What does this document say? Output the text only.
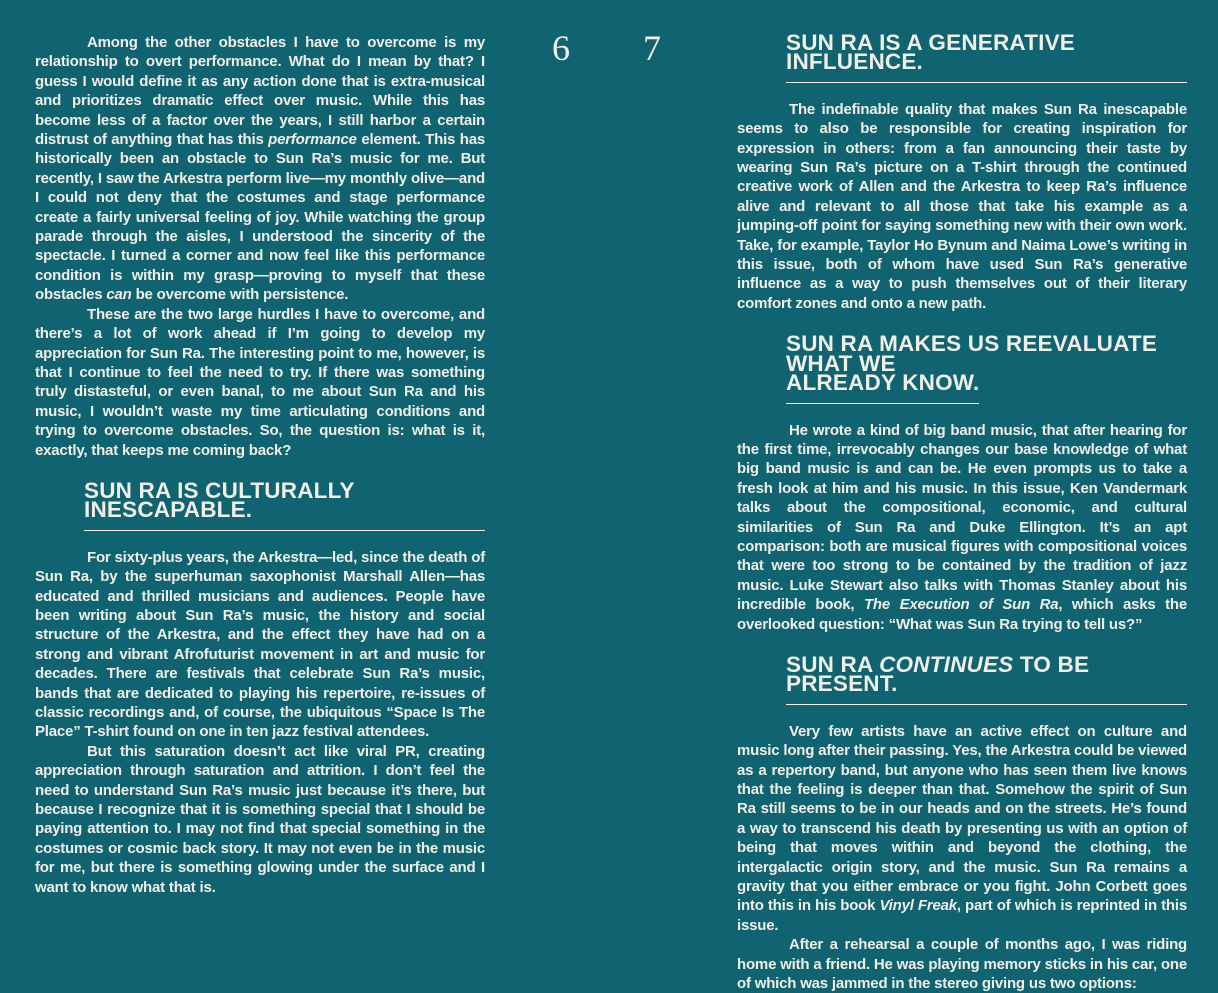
6 7

Among the other obstacles I have to overcome is my relationship to overt performance. What do I mean by that? I guess I would define it as any action done that is extra-musical and prioritizes dramatic effect over music. While this has become less of a factor over the years, I still harbor a certain distrust of anything that has this performance element. This has historically been an obstacle to Sun Ra’s music for me. But recently, I saw the Arkestra perform live—my monthly olive—and I could not deny that the costumes and stage performance create a fairly universal feeling of joy. While watching the group parade through the aisles, I understood the sincerity of the spectacle. I turned a corner and now feel like this performance condition is within my grasp—proving to myself that these obstacles can be overcome with persistence.

These are the two large hurdles I have to overcome, and there’s a lot of work ahead if I’m going to develop my appreciation for Sun Ra. The interesting point to me, however, is that I continue to feel the need to try. If there was something truly distasteful, or even banal, to me about Sun Ra and his music, I wouldn’t waste my time articulating conditions and trying to overcome obstacles. So, the question is: what is it, exactly, that keeps me coming back?

SUN RA IS CULTURALLY INESCAPABLE.

For sixty-plus years, the Arkestra—led, since the death of Sun Ra, by the superhuman saxophonist Marshall Allen—has educated and thrilled musicians and audiences. People have been writing about Sun Ra’s music, the history and social structure of the Arkestra, and the effect they have had on a strong and vibrant Afrofuturist movement in art and music for decades. There are festivals that celebrate Sun Ra’s music, bands that are dedicated to playing his repertoire, re-issues of classic recordings and, of course, the ubiquitous “Space Is The Place” T-shirt found on one in ten jazz festival attendees.

But this saturation doesn’t act like viral PR, creating appreciation through saturation and attrition. I don’t feel the need to understand Sun Ra’s music just because it’s there, but because I recognize that it is something special that I should be paying attention to. I may not find that special something in the costumes or cosmic back story. It may not even be in the music for me, but there is something glowing under the surface and I want to know what that is.

SUN RA IS A GENERATIVE INFLUENCE.

The indefinable quality that makes Sun Ra inescapable seems to also be responsible for creating inspiration for expression in others: from a fan announcing their taste by wearing Sun Ra’s picture on a T-shirt through the continued creative work of Allen and the Arkestra to keep Ra’s influence alive and relevant to all those that take his example as a jumping-off point for saying something new with their own work. Take, for example, Taylor Ho Bynum and Naima Lowe’s writing in this issue, both of whom have used Sun Ra’s generative influence as a way to push themselves out of their literary comfort zones and onto a new path.

SUN RA MAKES US REEVALUATE WHAT WE
ALREADY KNOW.

He wrote a kind of big band music, that after hearing for the first time, irrevocably changes our base knowledge of what big band music is and can be. He even prompts us to take a fresh look at him and his music. In this issue, Ken Vandermark talks about the compositional, economic, and cultural similarities of Sun Ra and Duke Ellington. It’s an apt comparison: both are musical figures with compositional voices that were too strong to be contained by the tradition of jazz music. Luke Stewart also talks with Thomas Stanley about his incredible book, The Execution of Sun Ra, which asks the overlooked question: “What was Sun Ra trying to tell us?”

SUN RA CONTINUES TO BE PRESENT.

Very few artists have an active effect on culture and music long after their passing. Yes, the Arkestra could be viewed as a repertory band, but anyone who has seen them live knows that the feeling is deeper than that. Somehow the spirit of Sun Ra still seems to be in our heads and on the streets. He’s found a way to transcend his death by presenting us with an option of being that moves within and beyond the clothing, the intergalactic origin story, and the music. Sun Ra remains a gravity that you either embrace or you fight. John Corbett goes into this in his book Vinyl Freak, part of which is reprinted in this issue.

After a rehearsal a couple of months ago, I was riding home with a friend. He was playing memory sticks in his car, one of which was jammed in the stereo giving us two options:
